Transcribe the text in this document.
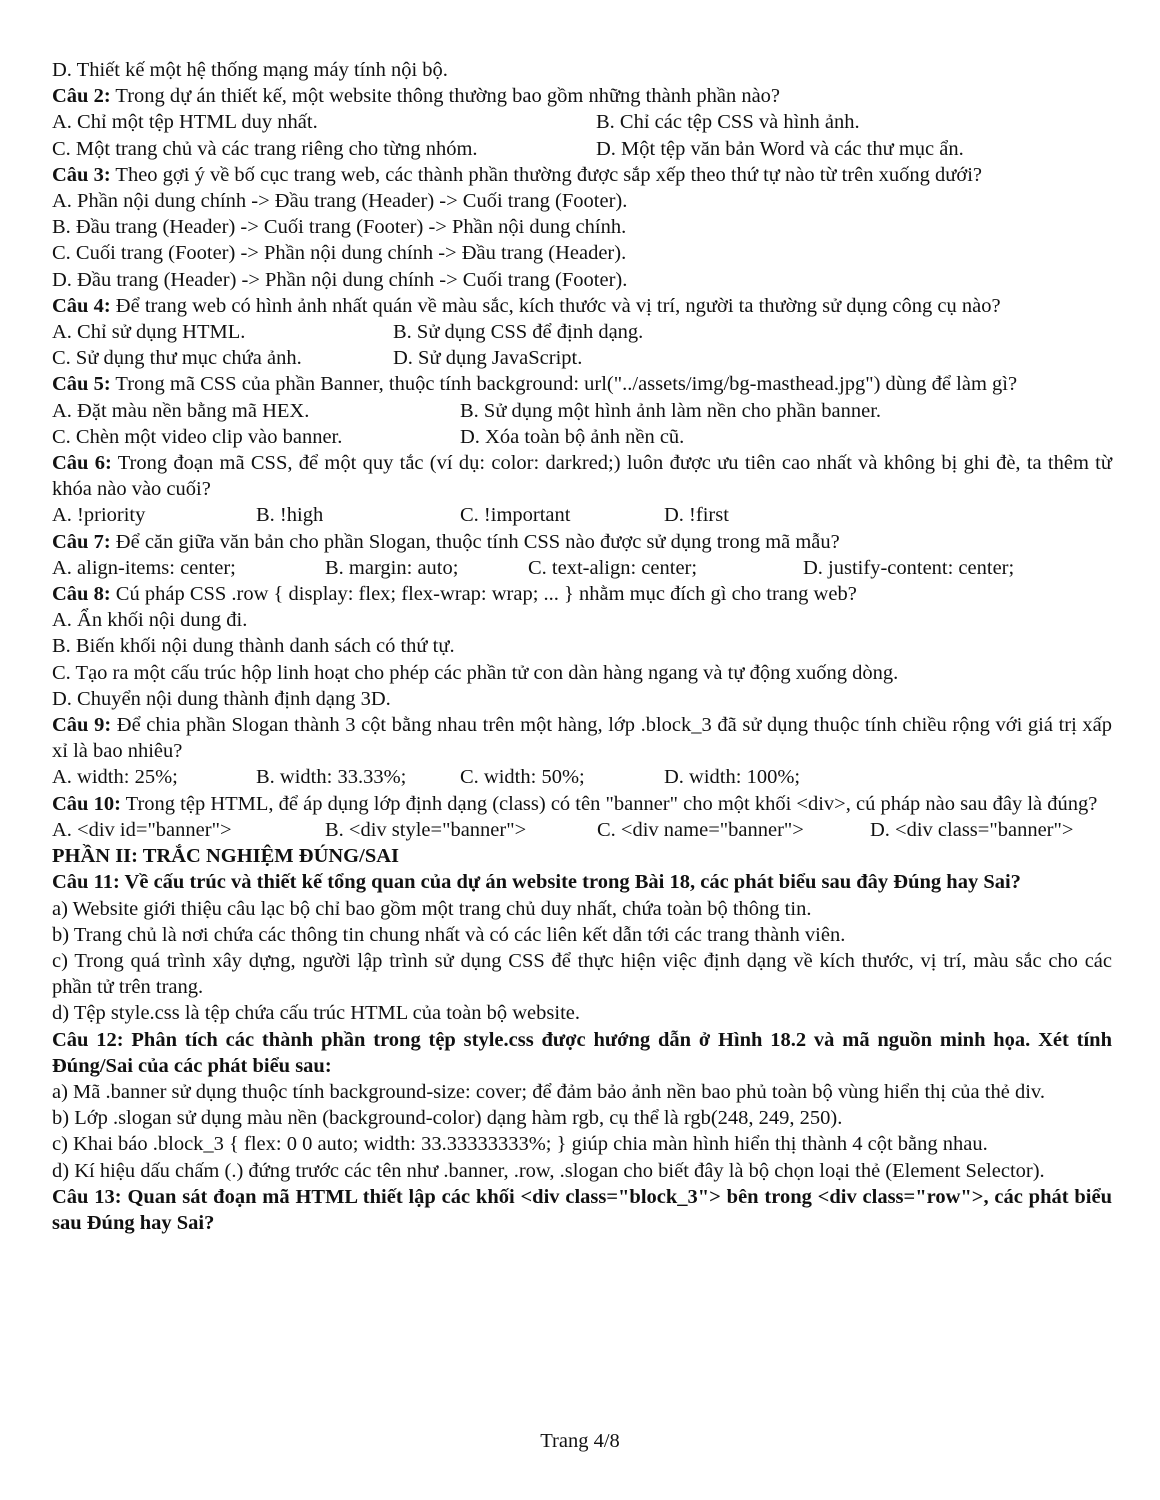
D. Thiết kế một hệ thống mạng máy tính nội bộ.
Câu 2: Trong dự án thiết kế, một website thông thường bao gồm những thành phần nào?
A. Chỉ một tệp HTML duy nhất.	B. Chỉ các tệp CSS và hình ảnh.
C. Một trang chủ và các trang riêng cho từng nhóm.	D. Một tệp văn bản Word và các thư mục ẩn.
Câu 3: Theo gợi ý về bố cục trang web, các thành phần thường được sắp xếp theo thứ tự nào từ trên xuống dưới?
A. Phần nội dung chính -> Đầu trang (Header) -> Cuối trang (Footer).
B. Đầu trang (Header) -> Cuối trang (Footer) -> Phần nội dung chính.
C. Cuối trang (Footer) -> Phần nội dung chính -> Đầu trang (Header).
D. Đầu trang (Header) -> Phần nội dung chính -> Cuối trang (Footer).
Câu 4: Để trang web có hình ảnh nhất quán về màu sắc, kích thước và vị trí, người ta thường sử dụng công cụ nào?
A. Chỉ sử dụng HTML.	B. Sử dụng CSS để định dạng.
C. Sử dụng thư mục chứa ảnh.	D. Sử dụng JavaScript.
Câu 5: Trong mã CSS của phần Banner, thuộc tính background: url("../assets/img/bg-masthead.jpg") dùng để làm gì?
A. Đặt màu nền bằng mã HEX.	B. Sử dụng một hình ảnh làm nền cho phần banner.
C. Chèn một video clip vào banner.	D. Xóa toàn bộ ảnh nền cũ.
Câu 6: Trong đoạn mã CSS, để một quy tắc (ví dụ: color: darkred;) luôn được ưu tiên cao nhất và không bị ghi đè, ta thêm từ khóa nào vào cuối?
A. !priority	B. !high	C. !important	D. !first
Câu 7: Để căn giữa văn bản cho phần Slogan, thuộc tính CSS nào được sử dụng trong mã mẫu?
A. align-items: center;	B. margin: auto;	C. text-align: center;	D. justify-content: center;
Câu 8: Cú pháp CSS .row { display: flex; flex-wrap: wrap; ... } nhằm mục đích gì cho trang web?
A. Ẩn khối nội dung đi.
B. Biến khối nội dung thành danh sách có thứ tự.
C. Tạo ra một cấu trúc hộp linh hoạt cho phép các phần tử con dàn hàng ngang và tự động xuống dòng.
D. Chuyển nội dung thành định dạng 3D.
Câu 9: Để chia phần Slogan thành 3 cột bằng nhau trên một hàng, lớp .block_3 đã sử dụng thuộc tính chiều rộng với giá trị xấp xỉ là bao nhiêu?
A. width: 25%;	B. width: 33.33%;	C. width: 50%;	D. width: 100%;
Câu 10: Trong tệp HTML, để áp dụng lớp định dạng (class) có tên "banner" cho một khối <div>, cú pháp nào sau đây là đúng?
A. <div id="banner">	B. <div style="banner">	C. <div name="banner">	D. <div class="banner">
PHẦN II: TRẮC NGHIỆM ĐÚNG/SAI
Câu 11: Về cấu trúc và thiết kế tổng quan của dự án website trong Bài 18, các phát biểu sau đây Đúng hay Sai?
a) Website giới thiệu câu lạc bộ chỉ bao gồm một trang chủ duy nhất, chứa toàn bộ thông tin.
b) Trang chủ là nơi chứa các thông tin chung nhất và có các liên kết dẫn tới các trang thành viên.
c) Trong quá trình xây dựng, người lập trình sử dụng CSS để thực hiện việc định dạng về kích thước, vị trí, màu sắc cho các phần tử trên trang.
d) Tệp style.css là tệp chứa cấu trúc HTML của toàn bộ website.
Câu 12: Phân tích các thành phần trong tệp style.css được hướng dẫn ở Hình 18.2 và mã nguồn minh họa. Xét tính Đúng/Sai của các phát biểu sau:
a) Mã .banner sử dụng thuộc tính background-size: cover; để đảm bảo ảnh nền bao phủ toàn bộ vùng hiển thị của thẻ div.
b) Lớp .slogan sử dụng màu nền (background-color) dạng hàm rgb, cụ thể là rgb(248, 249, 250).
c) Khai báo .block_3 { flex: 0 0 auto; width: 33.33333333%; } giúp chia màn hình hiển thị thành 4 cột bằng nhau.
d) Kí hiệu dấu chấm (.) đứng trước các tên như .banner, .row, .slogan cho biết đây là bộ chọn loại thẻ (Element Selector).
Câu 13: Quan sát đoạn mã HTML thiết lập các khối <div class="block_3"> bên trong <div class="row">, các phát biểu sau Đúng hay Sai?
Trang 4/8
